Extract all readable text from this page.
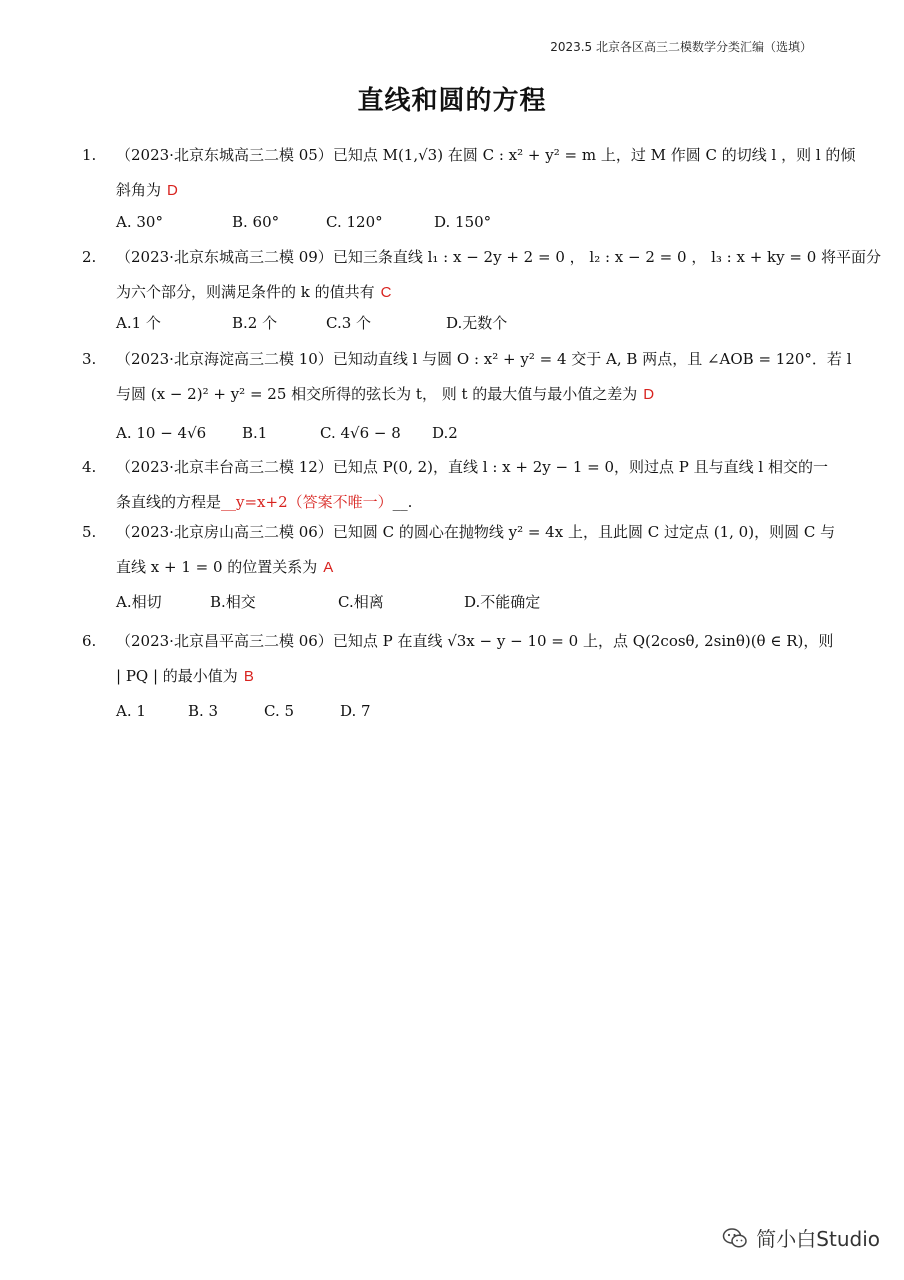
2023.5 北京各区高三二模数学分类汇编（选填）
直线和圆的方程
1.	（2023·北京东城高三二模 05）已知点 M(1,√3) 在圆 C : x² + y² = m 上，过 M 作圆 C 的切线 l ，则 l 的倾
斜角为 D
A. 30°	B. 60°	C. 120°	D. 150°
2.	（2023·北京东城高三二模 09）已知三条直线 l₁ : x − 2y + 2 = 0 ， l₂ : x − 2 = 0 ， l₃ : x + ky = 0 将平面分
为六个部分，则满足条件的 k 的值共有 C
A.1 个	B.2 个	C.3 个	D.无数个
3.	（2023·北京海淀高三二模 10）已知动直线 l 与圆 O : x² + y² = 4 交于 A, B 两点，且 ∠AOB = 120°．若 l
与圆 (x − 2)² + y² = 25 相交所得的弦长为 t， 则 t 的最大值与最小值之差为 D
A. 10 − 4√6 B.1	C. 4√6 − 8 D.2
4.	（2023·北京丰台高三二模 12）已知点 P(0, 2)，直线 l : x + 2y − 1 = 0，则过点 P 且与直线 l 相交的一
条直线的方程是__y=x+2（答案不唯一）__.
5.	（2023·北京房山高三二模 06）已知圆 C 的圆心在抛物线 y² = 4x 上，且此圆 C 过定点 (1, 0)，则圆 C 与
直线 x + 1 = 0 的位置关系为 A
A.相切	B.相交	C.相离	D.不能确定
6.	（2023·北京昌平高三二模 06）已知点 P 在直线 √3x − y − 10 = 0 上，点 Q(2cosθ, 2sinθ)(θ ∈ R)，则
| PQ | 的最小值为 B
A. 1	B. 3	C. 5	D. 7
简小白Studio
